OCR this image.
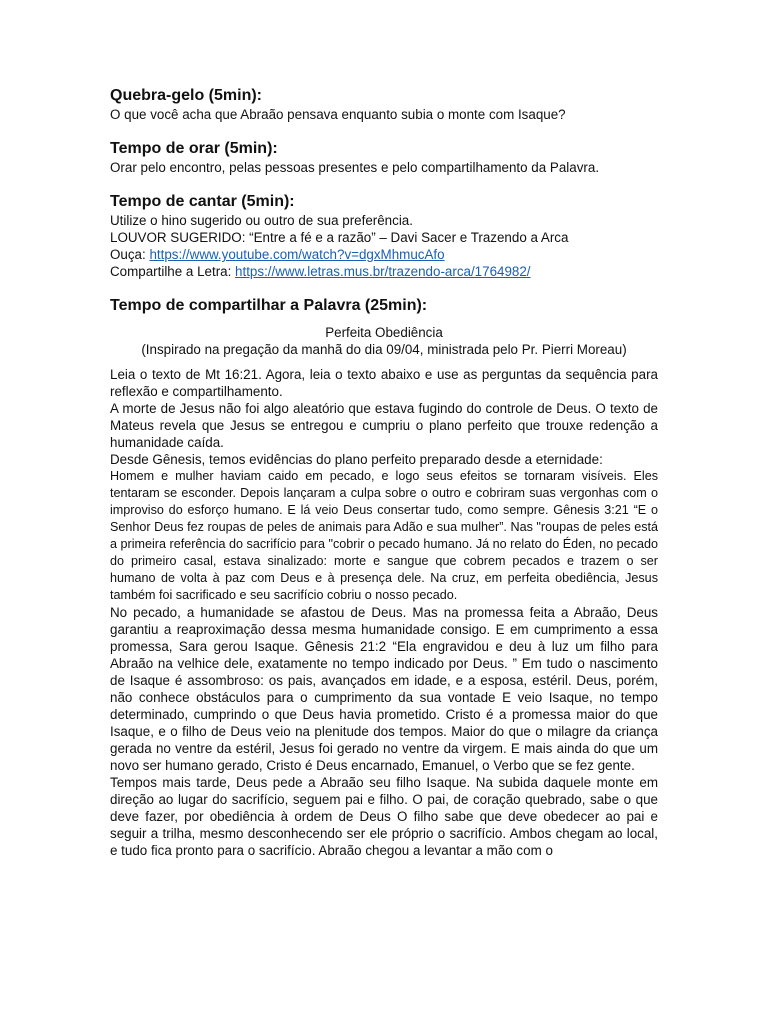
Quebra-gelo (5min):

O que você acha que Abraão pensava enquanto subia o monte com Isaque?

Tempo de orar (5min):

Orar pelo encontro, pelas pessoas presentes e pelo compartilhamento da Palavra.

Tempo de cantar (5min):

Utilize o hino sugerido ou outro de sua preferência.

LOUVOR SUGERIDO: “Entre a fé e a razão” – Davi Sacer e Trazendo a Arca

Ouça: https://www.youtube.com/watch?v=dgxMhmucAfo

Compartilhe a Letra: https://www.letras.mus.br/trazendo-arca/1764982/

Tempo de compartilhar a Palavra (25min):

Perfeita Obediência

(Inspirado na pregação da manhã do dia 09/04, ministrada pelo Pr. Pierri Moreau)

Leia o texto de Mt 16:21. Agora, leia o texto abaixo e use as perguntas da sequência para reflexão e compartilhamento.

A morte de Jesus não foi algo aleatório que estava fugindo do controle de Deus. O texto de Mateus revela que Jesus se entregou e cumpriu o plano perfeito que trouxe redenção a humanidade caída.

Desde Gênesis, temos evidências do plano perfeito preparado desde a eternidade:

Homem e mulher haviam caido em pecado, e logo seus efeitos se tornaram visíveis. Eles tentaram se esconder. Depois lançaram a culpa sobre o outro e cobriram suas vergonhas com o improviso do esforço humano. E lá veio Deus consertar tudo, como sempre. Gênesis 3:21 “E o Senhor Deus fez roupas de peles de animais para Adão e sua mulher”. Nas "roupas de peles está a primeira referência do sacrifício para "cobrir o pecado humano. Já no relato do Éden, no pecado do primeiro casal, estava sinalizado: morte e sangue que cobrem pecados e trazem o ser humano de volta à paz com Deus e à presença dele. Na cruz, em perfeita obediência, Jesus também foi sacrificado e seu sacrifício cobriu o nosso pecado.

No pecado, a humanidade se afastou de Deus. Mas na promessa feita a Abraão, Deus garantiu a reaproximação dessa mesma humanidade consigo. E em cumprimento a essa promessa, Sara gerou Isaque. Gênesis 21:2 “Ela engravidou e deu à luz um filho para Abraão na velhice dele, exatamente no tempo indicado por Deus. ” Em tudo o nascimento de Isaque é assombroso: os pais, avançados em idade, e a esposa, estéril. Deus, porém, não conhece obstáculos para o cumprimento da sua vontade E veio Isaque, no tempo determinado, cumprindo o que Deus havia prometido. Cristo é a promessa maior do que Isaque, e o filho de Deus veio na plenitude dos tempos. Maior do que o milagre da criança gerada no ventre da estéril, Jesus foi gerado no ventre da virgem. E mais ainda do que um novo ser humano gerado, Cristo é Deus encarnado, Emanuel, o Verbo que se fez gente.

Tempos mais tarde, Deus pede a Abraão seu filho Isaque. Na subida daquele monte em direção ao lugar do sacrifício, seguem pai e filho. O pai, de coração quebrado, sabe o que deve fazer, por obediência à ordem de Deus O filho sabe que deve obedecer ao pai e seguir a trilha, mesmo desconhecendo ser ele próprio o sacrifício. Ambos chegam ao local, e tudo fica pronto para o sacrifício. Abraão chegou a levantar a mão com o
